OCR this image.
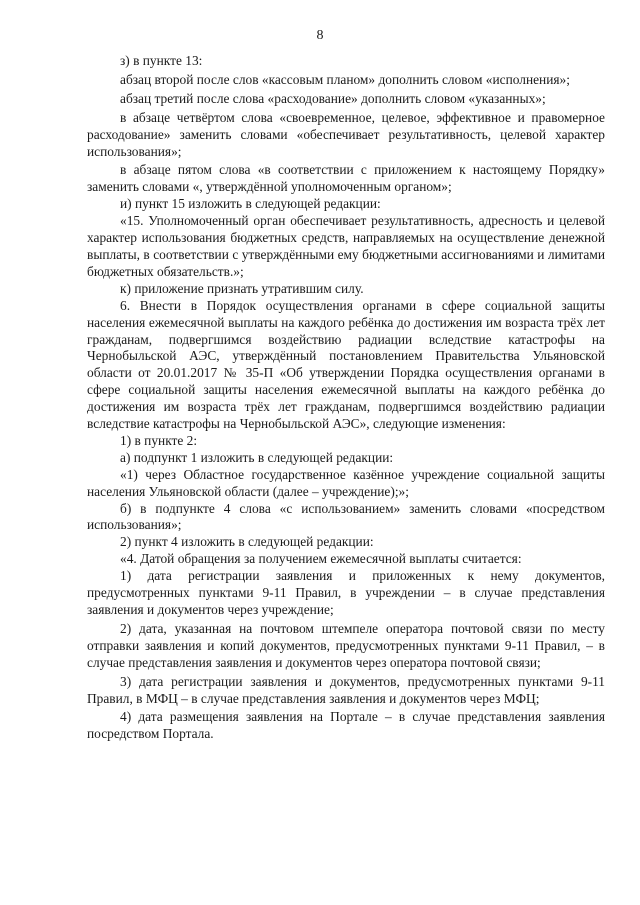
8

з) в пункте 13:

абзац второй после слов «кассовым планом» дополнить словом «исполнения»;

абзац третий после слова «расходование» дополнить словом «указанных»;

в абзаце четвёртом слова «своевременное, целевое, эффективное и правомерное расходование» заменить словами «обеспечивает результативность, целевой характер использования»;

в абзаце пятом слова «в соответствии с приложением к настоящему Порядку» заменить словами «, утверждённой уполномоченным органом»;

и) пункт 15 изложить в следующей редакции:

«15. Уполномоченный орган обеспечивает результативность, адресность и целевой характер использования бюджетных средств, направляемых на осуществление денежной выплаты, в соответствии с утверждёнными ему бюджетными ассигнованиями и лимитами бюджетных обязательств.»;

к) приложение признать утратившим силу.

6. Внести в Порядок осуществления органами в сфере социальной защиты населения ежемесячной выплаты на каждого ребёнка до достижения им возраста трёх лет гражданам, подвергшимся воздействию радиации вследствие катастрофы на Чернобыльской АЭС, утверждённый постановлением Правительства Ульяновской области от 20.01.2017 № 35-П «Об утверждении Порядка осуществления органами в сфере социальной защиты населения ежемесячной выплаты на каждого ребёнка до достижения им возраста трёх лет гражданам, подвергшимся воздействию радиации вследствие катастрофы на Чернобыльской АЭС», следующие изменения:

1) в пункте 2:

а) подпункт 1 изложить в следующей редакции:

«1) через Областное государственное казённое учреждение социальной защиты населения Ульяновской области (далее – учреждение);»;

б) в подпункте 4 слова «с использованием» заменить словами «посредством использования»;

2) пункт 4 изложить в следующей редакции:

«4. Датой обращения за получением ежемесячной выплаты считается:

1) дата регистрации заявления и приложенных к нему документов, предусмотренных пунктами 9-11 Правил, в учреждении – в случае представления заявления и документов через учреждение;

2) дата, указанная на почтовом штемпеле оператора почтовой связи по месту отправки заявления и копий документов, предусмотренных пунктами 9-11 Правил, – в случае представления заявления и документов через оператора почтовой связи;

3) дата регистрации заявления и документов, предусмотренных пунктами 9-11 Правил, в МФЦ – в случае представления заявления и документов через МФЦ;

4) дата размещения заявления на Портале – в случае представления заявления посредством Портала.
